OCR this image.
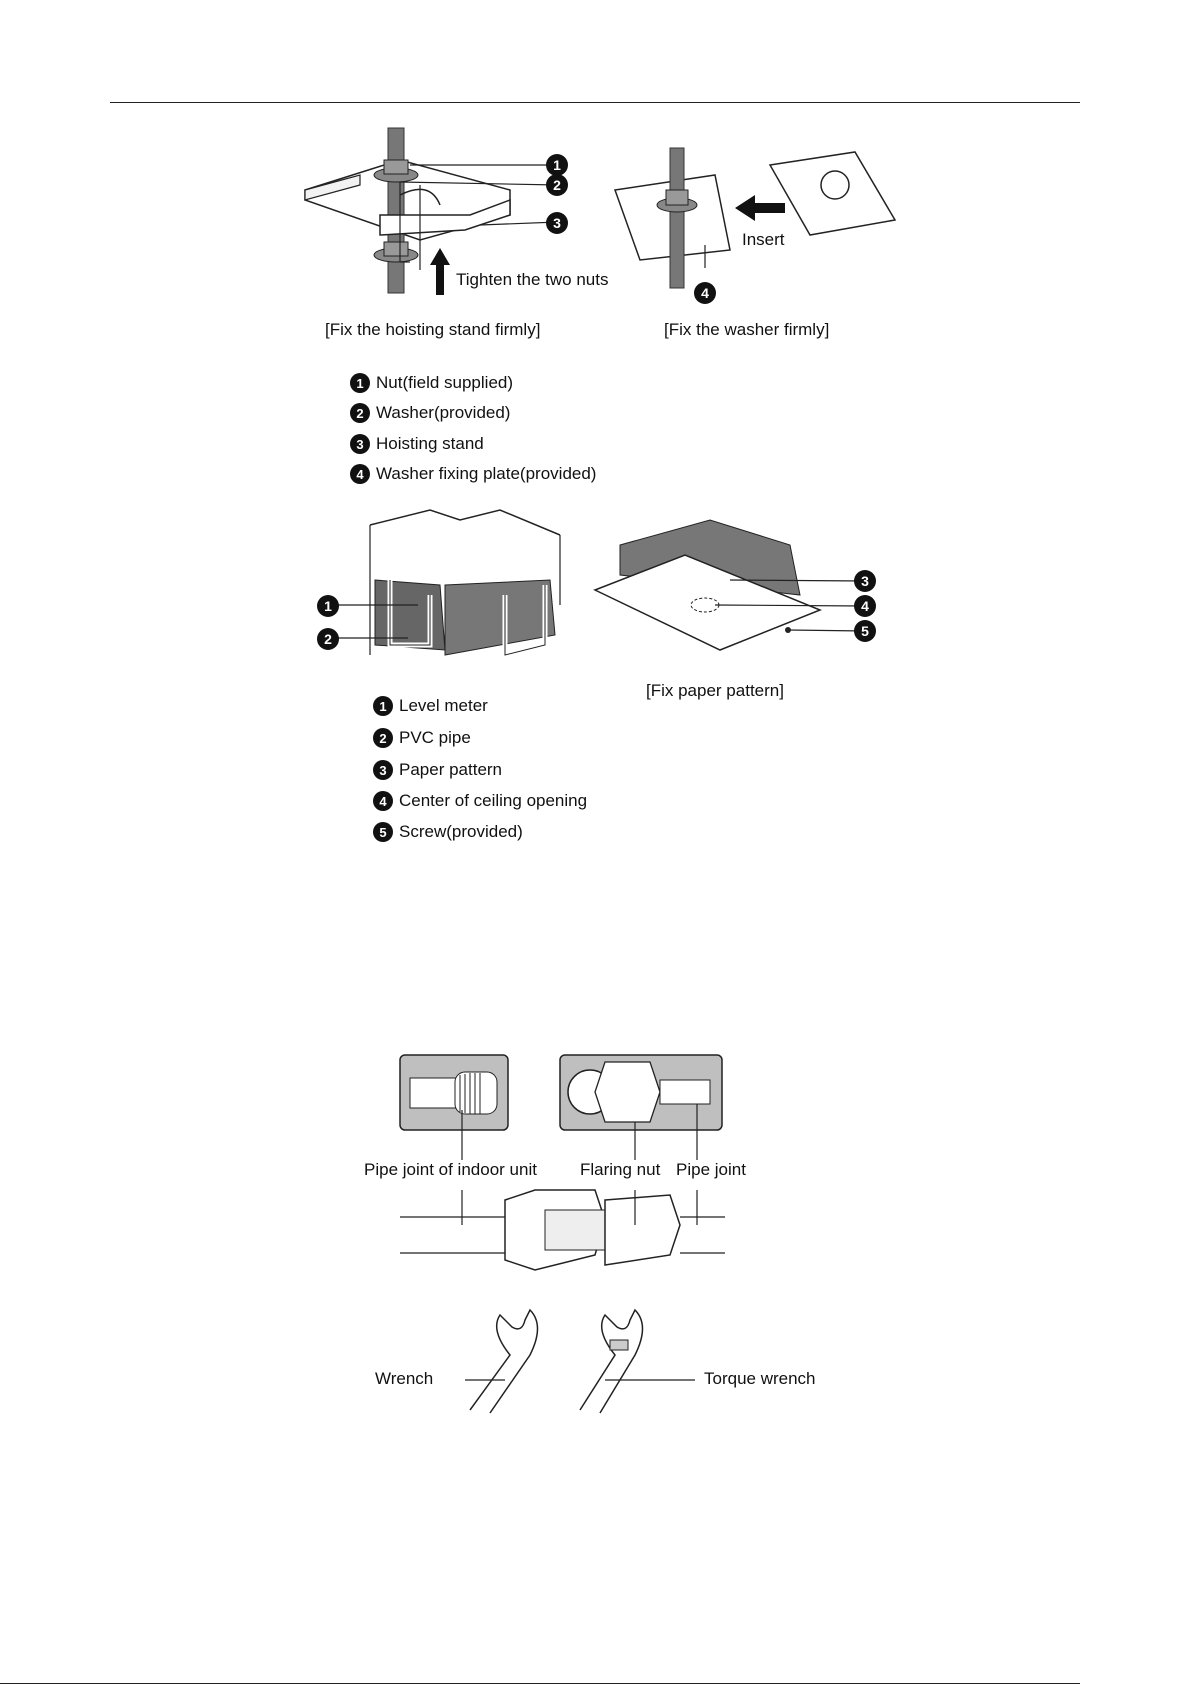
1
2
3
Tighten the two nuts
4
Insert
[Fix the hoisting stand firmly]	[Fix the washer firmly]
1 Nut(field supplied)
2 Washer(provided)
3 Hoisting stand
4 Washer fixing plate(provided)
1
2
3
4
5
[Fix paper pattern]
1 Level meter
2 PVC pipe
3 Paper pattern
4 Center of ceiling opening
5 Screw(provided)
Pipe joint of indoor unit	Flaring nut Pipe joint
Wrench	Torque wrench
